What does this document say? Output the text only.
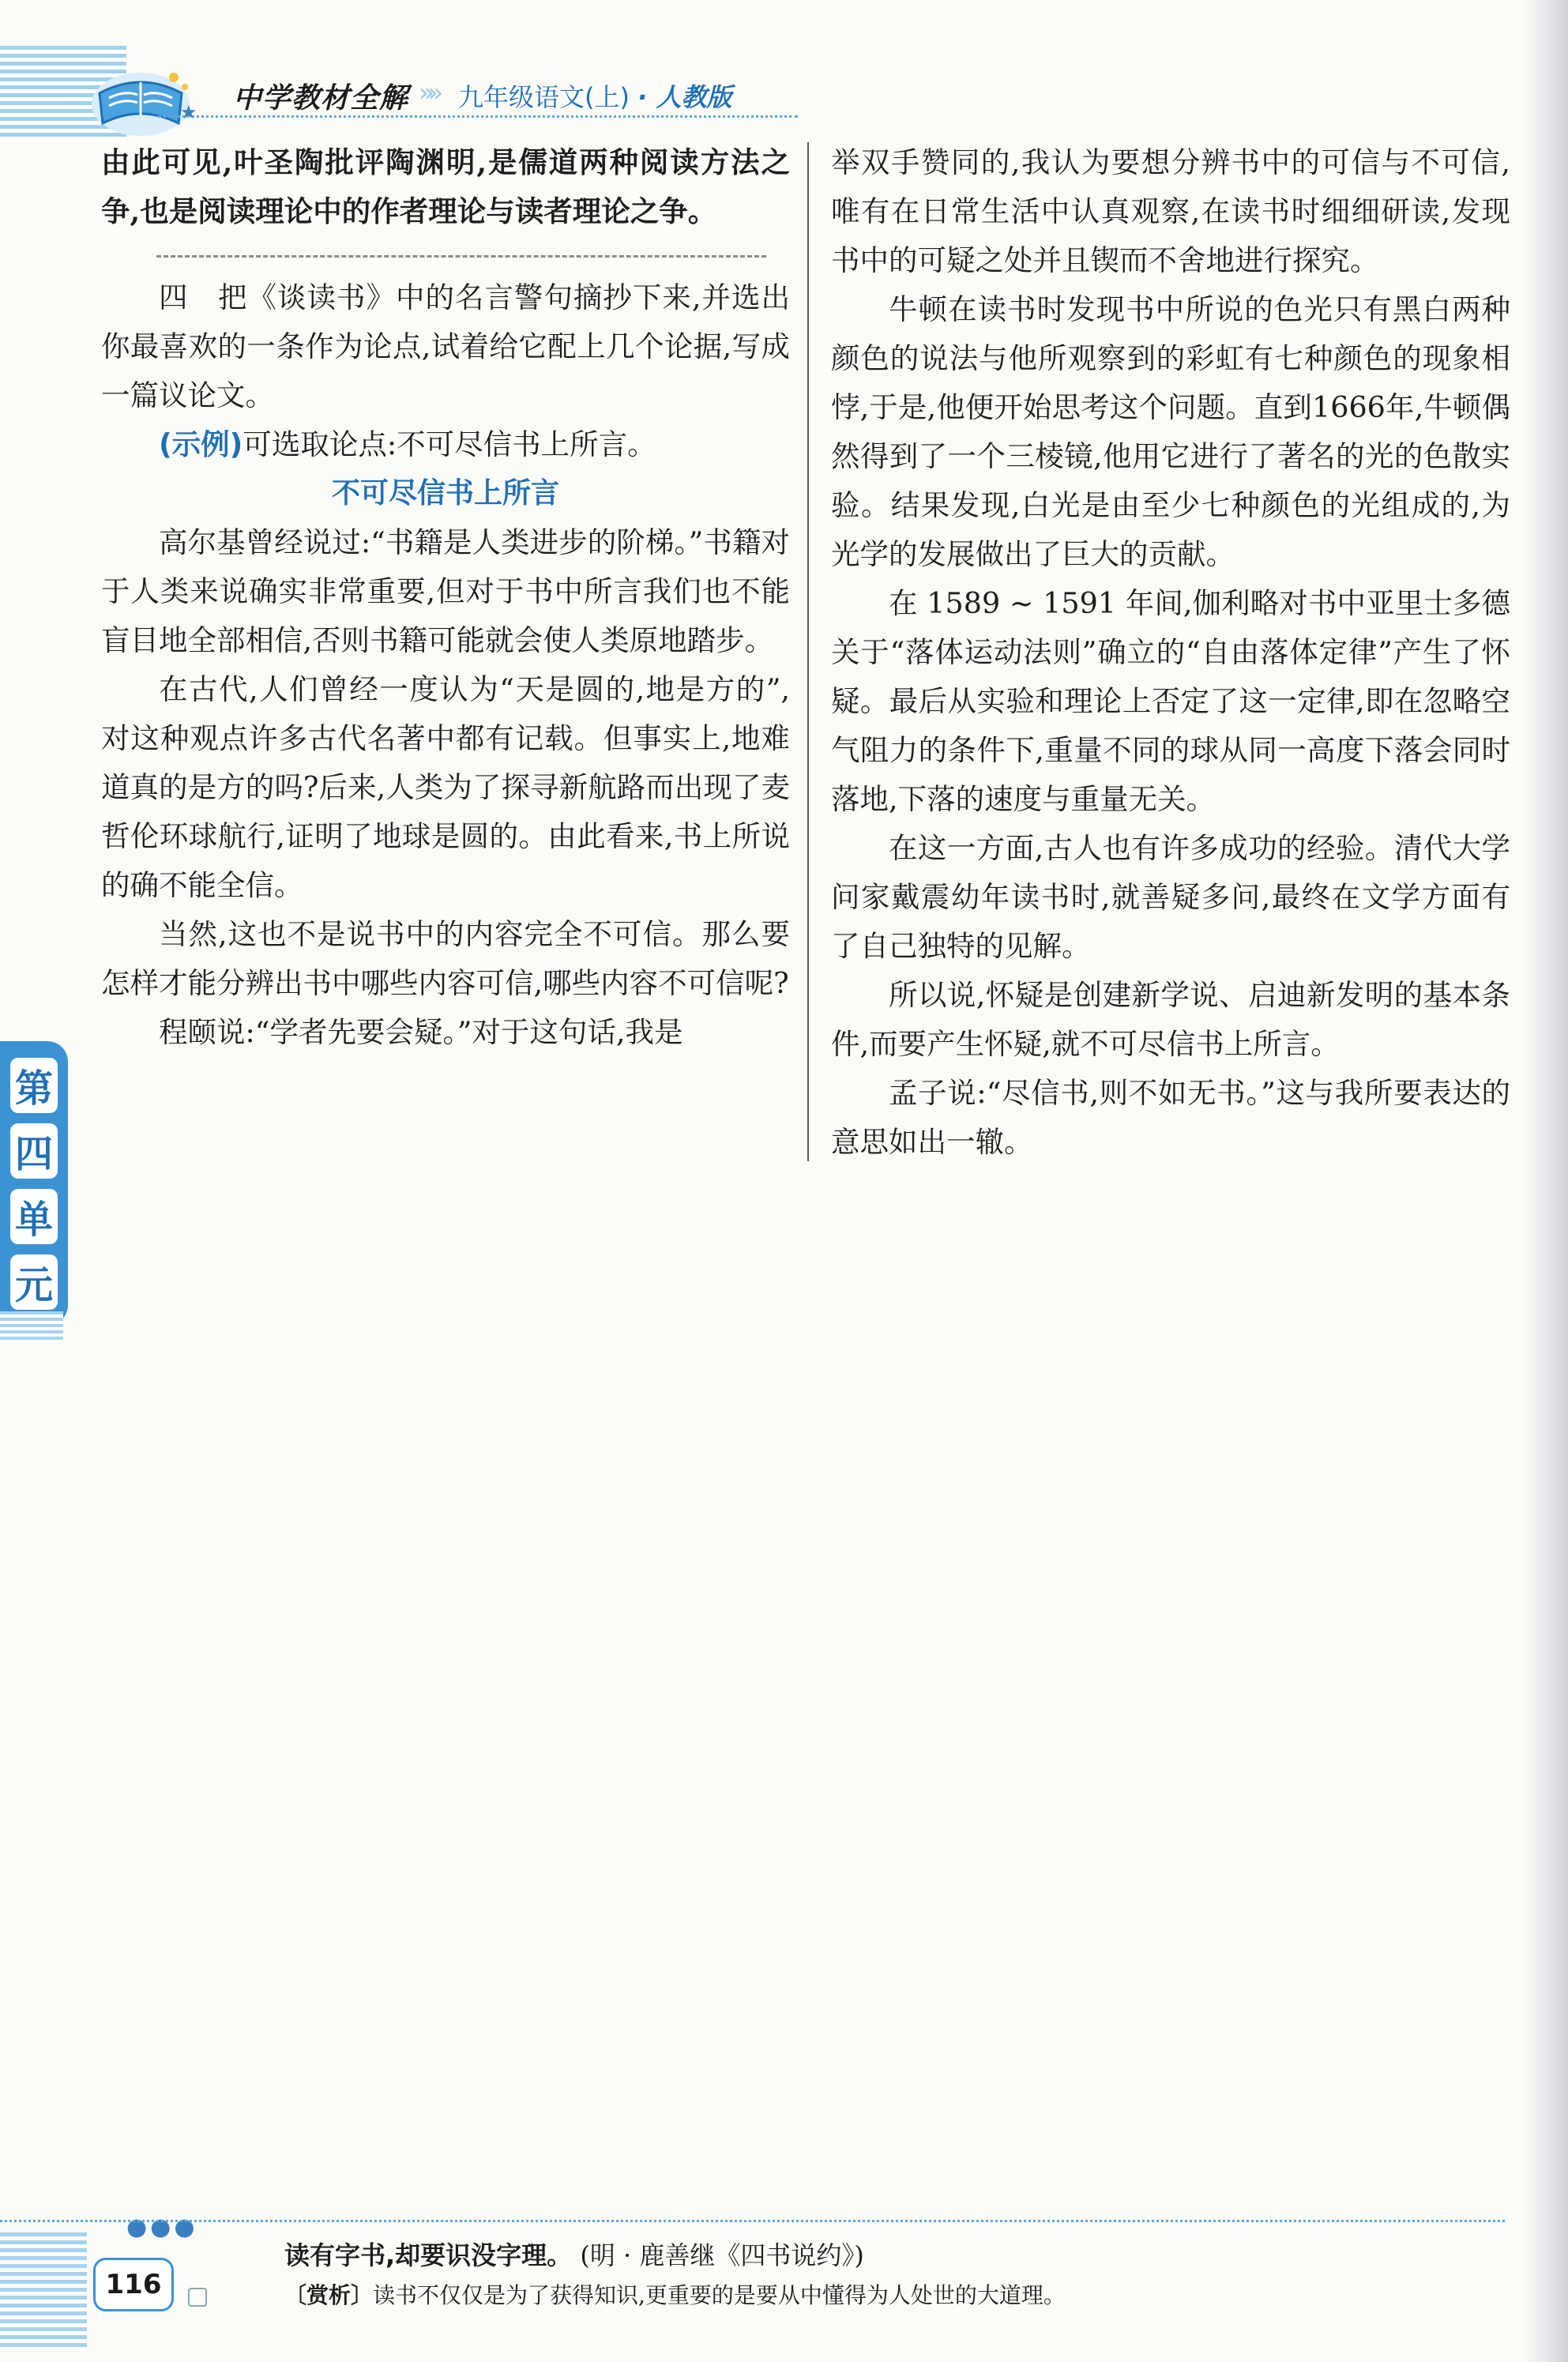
中学教材全解 »» 九年级语文(上) · 人教版
★

由此可见,叶圣陶批评陶渊明,是儒道两种阅读方法之争,也是阅读理论中的作者理论与读者理论之争。

四　把《谈读书》中的名言警句摘抄下来,并选出你最喜欢的一条作为论点,试着给它配上几个论据,写成一篇议论文。

(示例)可选取论点:不可尽信书上所言。

不可尽信书上所言

高尔基曾经说过:“书籍是人类进步的阶梯。”书籍对于人类来说确实非常重要,但对于书中所言我们也不能盲目地全部相信,否则书籍可能就会使人类原地踏步。

在古代,人们曾经一度认为“天是圆的,地是方的”,对这种观点许多古代名著中都有记载。但事实上,地难道真的是方的吗?后来,人类为了探寻新航路而出现了麦哲伦环球航行,证明了地球是圆的。由此看来,书上所说的确不能全信。

当然,这也不是说书中的内容完全不可信。那么要怎样才能分辨出书中哪些内容可信,哪些内容不可信呢?

程颐说:“学者先要会疑。”对于这句话,我是

举双手赞同的,我认为要想分辨书中的可信与不可信,唯有在日常生活中认真观察,在读书时细细研读,发现书中的可疑之处并且锲而不舍地进行探究。

牛顿在读书时发现书中所说的色光只有黑白两种颜色的说法与他所观察到的彩虹有七种颜色的现象相悖,于是,他便开始思考这个问题。直到1666年,牛顿偶然得到了一个三棱镜,他用它进行了著名的光的色散实验。结果发现,白光是由至少七种颜色的光组成的,为光学的发展做出了巨大的贡献。

在 1589 ~ 1591 年间,伽利略对书中亚里士多德关于“落体运动法则”确立的“自由落体定律”产生了怀疑。最后从实验和理论上否定了这一定律,即在忽略空气阻力的条件下,重量不同的球从同一高度下落会同时落地,下落的速度与重量无关。

在这一方面,古人也有许多成功的经验。清代大学问家戴震幼年读书时,就善疑多问,最终在文学方面有了自己独特的见解。

所以说,怀疑是创建新学说、启迪新发明的基本条件,而要产生怀疑,就不可尽信书上所言。

孟子说:“尽信书,则不如无书。”这与我所要表达的意思如出一辙。

第
四
单
元
●●●
116
读有字书,却要识没字理。 (明 · 鹿善继《四书说约》)
〔赏析〕读书不仅仅是为了获得知识,更重要的是要从中懂得为人处世的大道理。
